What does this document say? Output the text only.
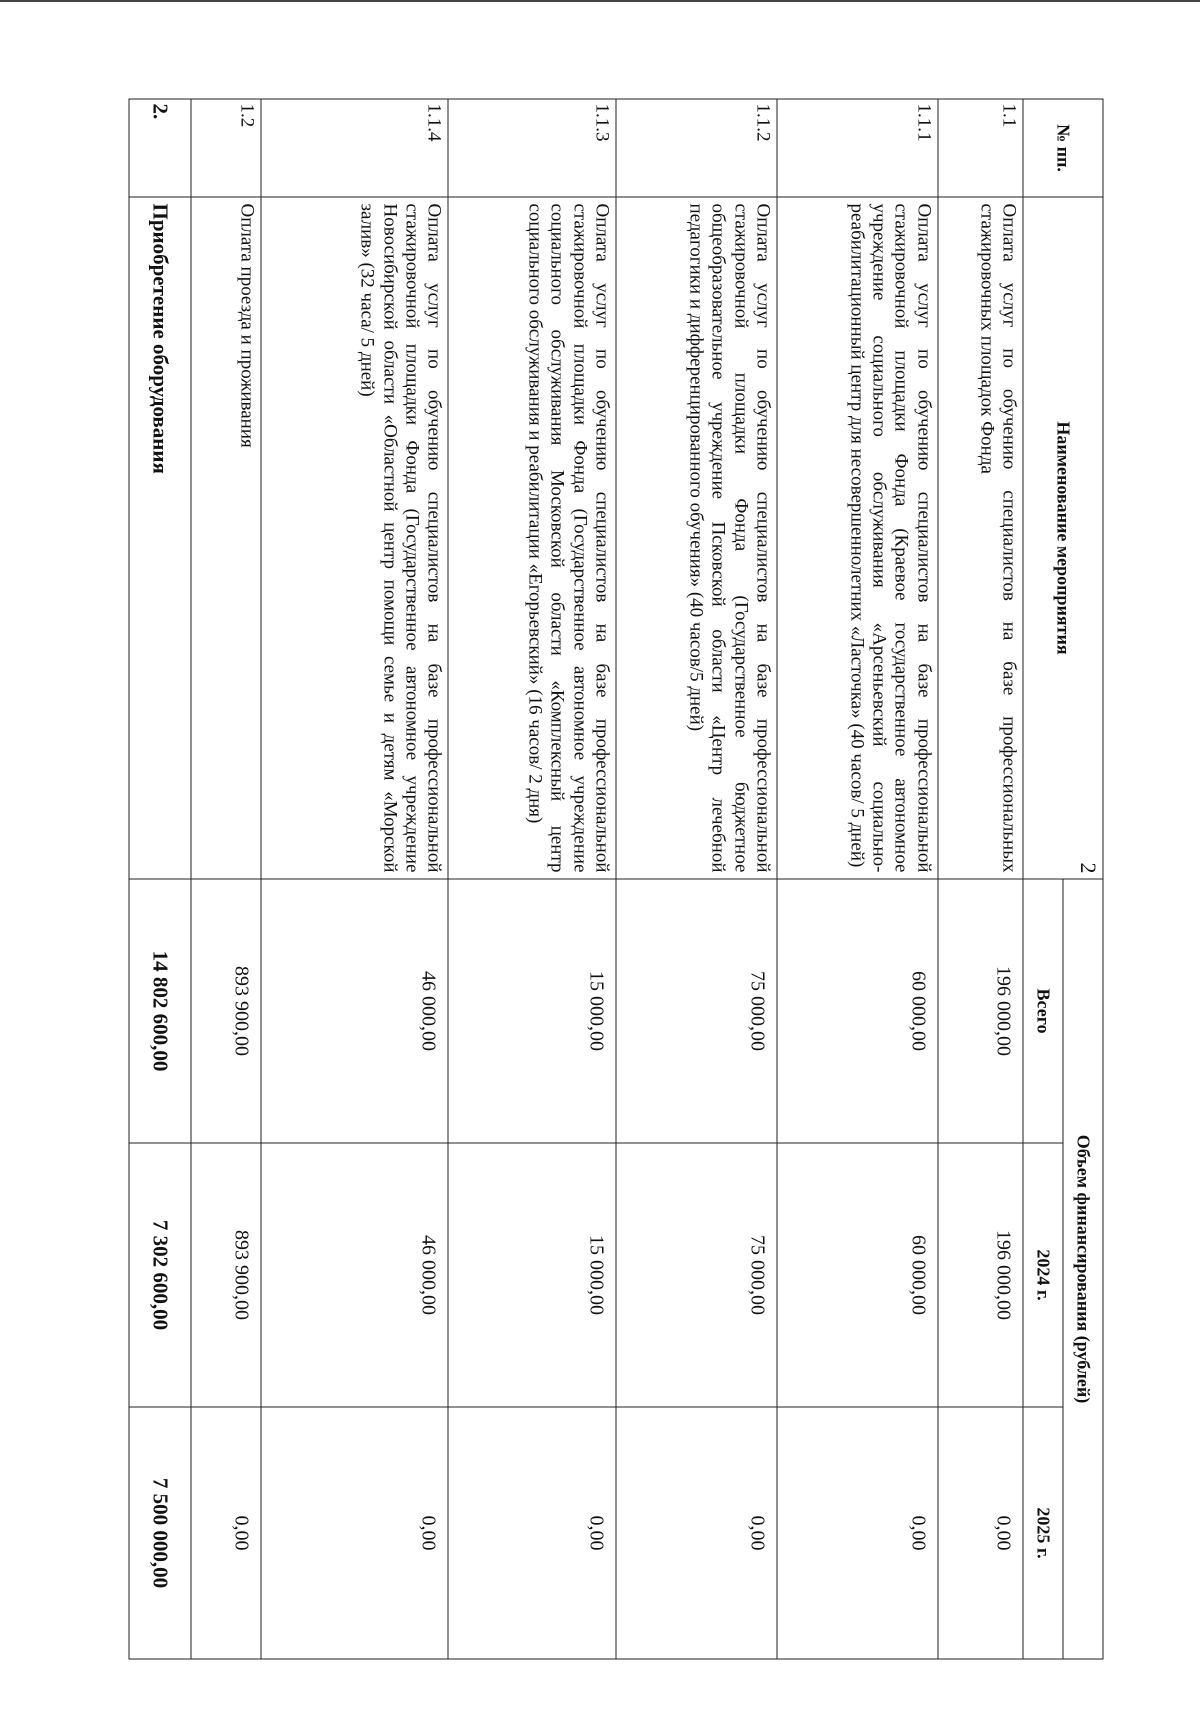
2
№ пп.	Наименование мероприятия	Объем финансирования (рублей)		
		Всего	2024 г.	2025 г.
1.1	Оплата услуг по обучению специалистов на базе профессиональных стажировочных площадок Фонда	196 000,00	196 000,00	0,00
1.1.1	Оплата услуг по обучению специалистов на базе профессиональной стажировочной площадки Фонда (Краевое государственное автономное учреждение социального обслуживания «Арсеньевский социально-реабилитационный центр для несовершеннолетних «Ласточка» (40 часов/ 5 дней)	60 000,00	60 000,00	0,00
1.1.2	Оплата услуг по обучению специалистов на базе профессиональной стажировочной площадки Фонда (Государственное бюджетное общеобразовательное учреждение Псковской области «Центр лечебной педагогики и дифференцированного обучения» (40 часов/5 дней)	75 000,00	75 000,00	0,00
1.1.3	Оплата услуг по обучению специалистов на базе профессиональной стажировочной площадки Фонда (Государственное автономное учреждение социального обслуживания Московской области «Комплексный центр социального обслуживания и реабилитации «Егорьевский» (16 часов/ 2 дня)	15 000,00	15 000,00	0,00
1.1.4	Оплата услуг по обучению специалистов на базе профессиональной стажировочной площадки Фонда (Государственное автономное учреждение Новосибирской области «Областной центр помощи семье и детям «Морской залив» (32 часа/ 5 дней)	46 000,00	46 000,00	0,00
1.2	Оплата проезда и проживания	893 900,00	893 900,00	0,00
2.	Приобретение оборудования	14 802 600,00	7 302 600,00	7 500 000,00
